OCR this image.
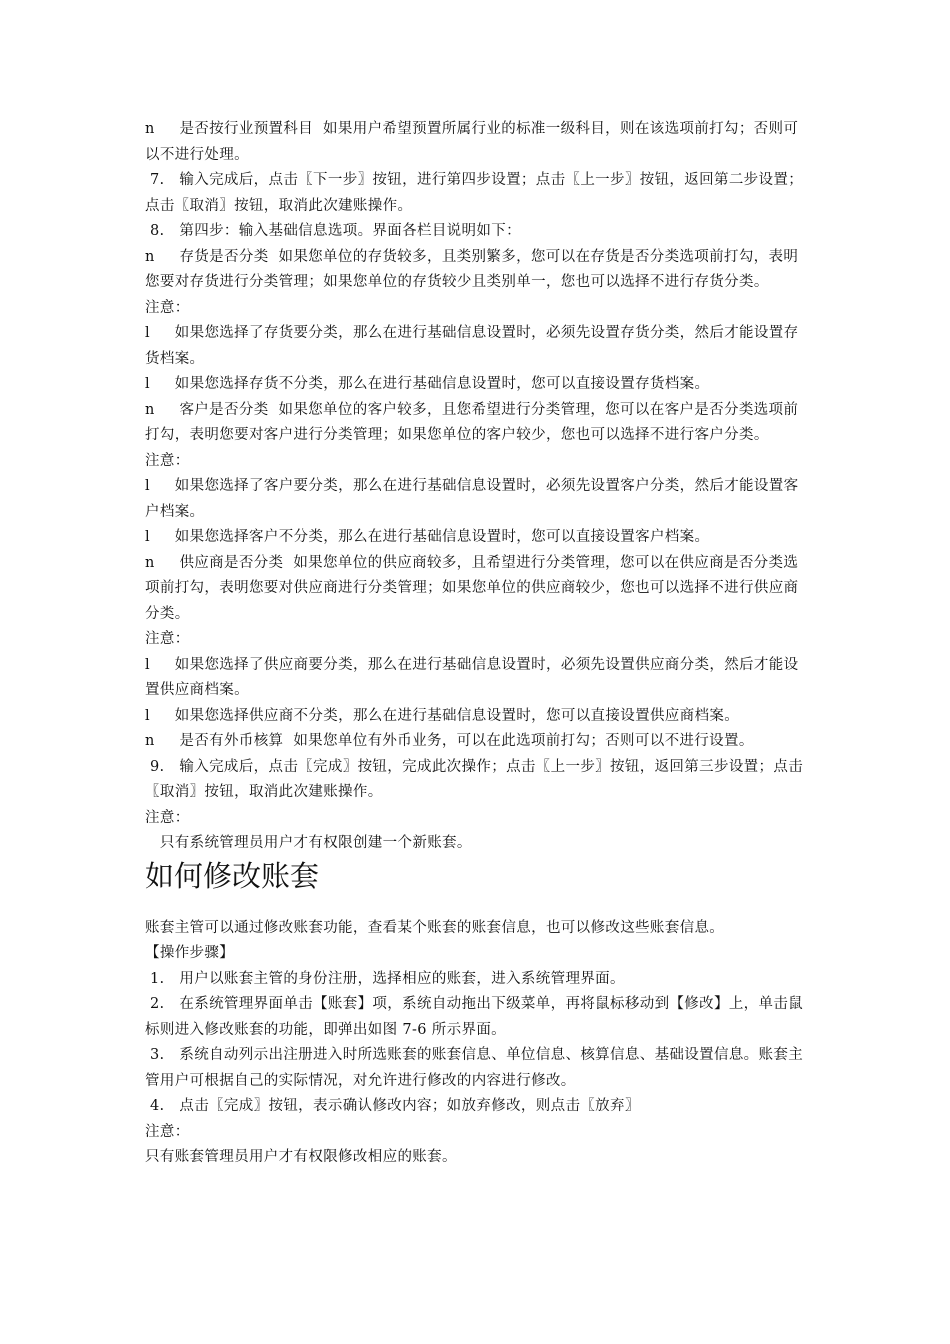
n　  是否按行业预置科目  如果用户希望预置所属行业的标准一级科目，则在该选项前打勾；否则可以不进行处理。

7.   输入完成后，点击〖下一步〗按钮，进行第四步设置；点击〖上一步〗按钮，返回第二步设置；点击〖取消〗按钮，取消此次建账操作。

8.   第四步：输入基础信息选项。界面各栏目说明如下：

n　  存货是否分类  如果您单位的存货较多，且类别繁多，您可以在存货是否分类选项前打勾，表明您要对存货进行分类管理；如果您单位的存货较少且类别单一，您也可以选择不进行存货分类。

注意：

l　  如果您选择了存货要分类，那么在进行基础信息设置时，必须先设置存货分类，然后才能设置存货档案。

l　  如果您选择存货不分类，那么在进行基础信息设置时，您可以直接设置存货档案。

n　  客户是否分类  如果您单位的客户较多，且您希望进行分类管理，您可以在客户是否分类选项前打勾，表明您要对客户进行分类管理；如果您单位的客户较少，您也可以选择不进行客户分类。

注意：

l　  如果您选择了客户要分类，那么在进行基础信息设置时，必须先设置客户分类，然后才能设置客户档案。

l　  如果您选择客户不分类，那么在进行基础信息设置时，您可以直接设置客户档案。

n　  供应商是否分类  如果您单位的供应商较多，且希望进行分类管理，您可以在供应商是否分类选项前打勾，表明您要对供应商进行分类管理；如果您单位的供应商较少，您也可以选择不进行供应商分类。

注意：

l　  如果您选择了供应商要分类，那么在进行基础信息设置时，必须先设置供应商分类，然后才能设置供应商档案。

l　  如果您选择供应商不分类，那么在进行基础信息设置时，您可以直接设置供应商档案。

n　  是否有外币核算  如果您单位有外币业务，可以在此选项前打勾；否则可以不进行设置。

9.   输入完成后，点击〖完成〗按钮，完成此次操作；点击〖上一步〗按钮，返回第三步设置；点击〖取消〗按钮，取消此次建账操作。

注意：

只有系统管理员用户才有权限创建一个新账套。

如何修改账套

账套主管可以通过修改账套功能，查看某个账套的账套信息，也可以修改这些账套信息。

【操作步骤】

1.   用户以账套主管的身份注册，选择相应的账套，进入系统管理界面。

2.   在系统管理界面单击【账套】项，系统自动拖出下级菜单，再将鼠标移动到【修改】上，单击鼠标则进入修改账套的功能，即弹出如图 7-6 所示界面。

3.   系统自动列示出注册进入时所选账套的账套信息、单位信息、核算信息、基础设置信息。账套主管用户可根据自己的实际情况，对允许进行修改的内容进行修改。

4.   点击〖完成〗按钮，表示确认修改内容；如放弃修改，则点击〖放弃〗

注意：

只有账套管理员用户才有权限修改相应的账套。
